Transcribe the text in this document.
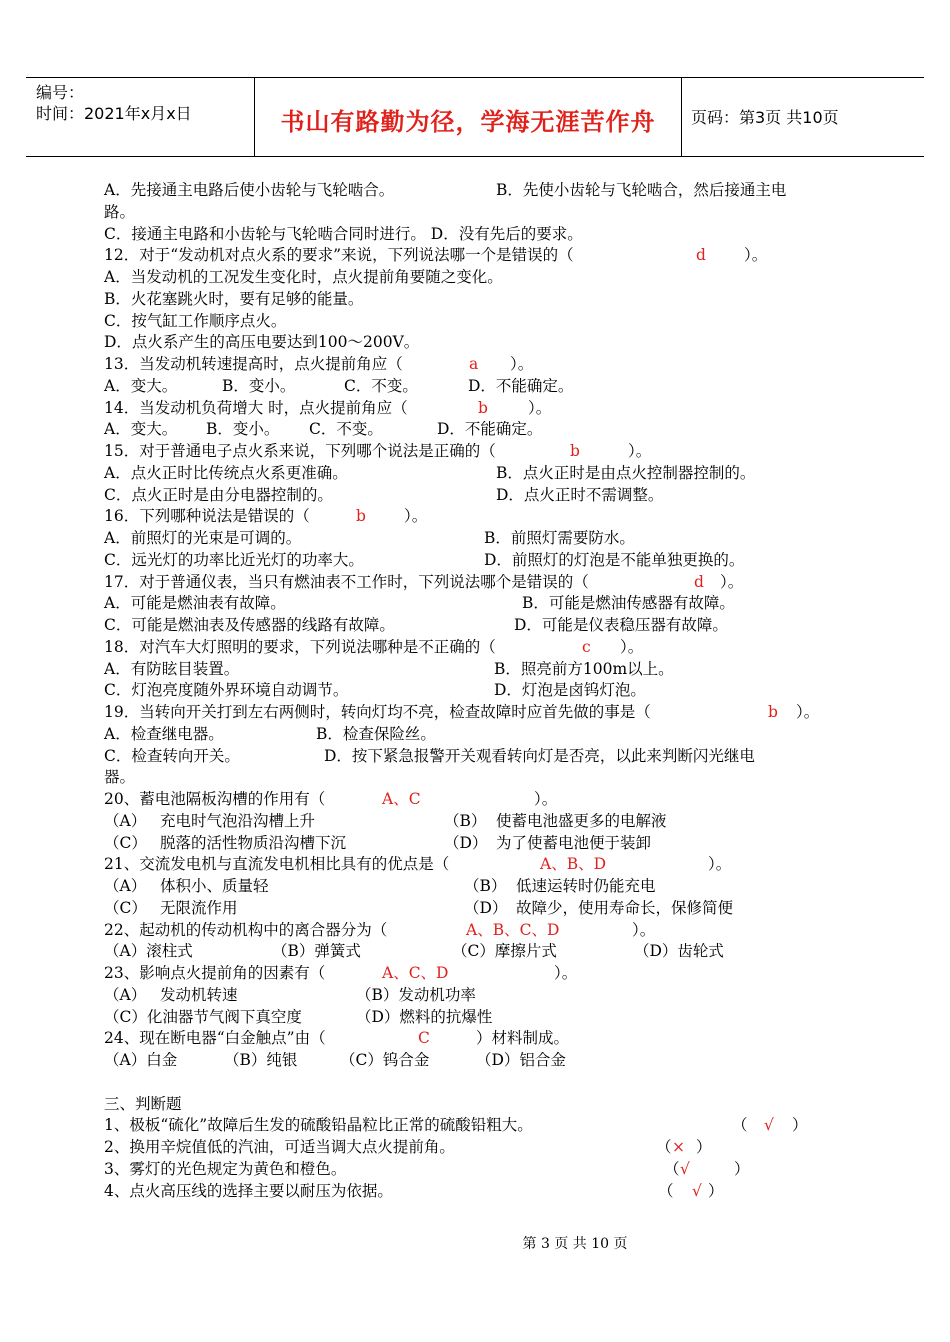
编号：
时间：2021年x月x日	书山有路勤为径，学海无涯苦作舟	页码：第3页 共10页
A．先接通主电路后使小齿轮与飞轮啮合。	B．先使小齿轮与飞轮啮合，然后接通主电
路。
C．接通主电路和小齿轮与飞轮啮合同时进行。 D．没有先后的要求。
12．对于“发动机对点火系的要求”来说，下列说法哪一个是错误的（	d ）。
A．当发动机的工况发生变化时，点火提前角要随之变化。
B．火花塞跳火时，要有足够的能量。
C．按气缸工作顺序点火。
D．点火系产生的高压电要达到100～200V。
13．当发动机转速提高时，点火提前角应（	a ）。
A．变大。	B．变小。	C．不变。	D．不能确定。
14．当发动机负荷增大 时，点火提前角应（	b	）。
A．变大。 B．变小。 C．不变。	D．不能确定。
15．对于普通电子点火系来说，下列哪个说法是正确的（	b	）。
A．点火正时比传统点火系更准确。	B．点火正时是由点火控制器控制的。
C．点火正时是由分电器控制的。	D．点火正时不需调整。
16．下列哪种说法是错误的（	b ）。
A．前照灯的光束是可调的。	B．前照灯需要防水。
C．远光灯的功率比近光灯的功率大。	D．前照灯的灯泡是不能单独更换的。
17．对于普通仪表，当只有燃油表不工作时，下列说法哪个是错误的（	d ）。
A．可能是燃油表有故障。	B．可能是燃油传感器有故障。
C．可能是燃油表及传感器的线路有故障。	D．可能是仪表稳压器有故障。
18．对汽车大灯照明的要求，下列说法哪种是不正确的（	c ）。
A．有防眩目装置。	B．照亮前方100m以上。
C．灯泡亮度随外界环境自动调节。	D．灯泡是卤钨灯泡。
19．当转向开关打到左右两侧时，转向灯均不亮，检查故障时应首先做的事是（	b ）。
A．检查继电器。	B．检查保险丝。
C．检查转向开关。	D．按下紧急报警开关观看转向灯是否亮，以此来判断闪光继电
器。
20、蓄电池隔板沟槽的作用有（	A、C	）。
（A） 充电时气泡沿沟槽上升	（B） 使蓄电池盛更多的电解液
（C） 脱落的活性物质沿沟槽下沉	（D） 为了使蓄电池便于装卸
21、交流发电机与直流发电机相比具有的优点是（	A、B、D	）。
（A） 体积小、质量轻	（B） 低速运转时仍能充电
（C） 无限流作用	（D） 故障少，使用寿命长，保修简便
22、起动机的传动机构中的离合器分为（	A、B、C、D	）。
（A）滚柱式	（B）弹簧式	（C）摩擦片式	（D）齿轮式
23、影响点火提前角的因素有（	A、C、D	）。
（A） 发动机转速	（B）发动机功率
（C）化油器节气阀下真空度	（D）燃料的抗爆性
24、现在断电器“白金触点”由（	C	）材料制成。
（A）白金	（B）纯银	（C）钨合金	（D）铝合金
三、判断题
1、极板“硫化”故障后生发的硫酸铅晶粒比正常的硫酸铅粗大。	（ √ ）
2、换用辛烷值低的汽油，可适当调大点火提前角。	（ × ）
3、雾灯的光色规定为黄色和橙色。	（ √	）
4、点火高压线的选择主要以耐压为依据。	（ √ ）
第 3 页 共 10 页
